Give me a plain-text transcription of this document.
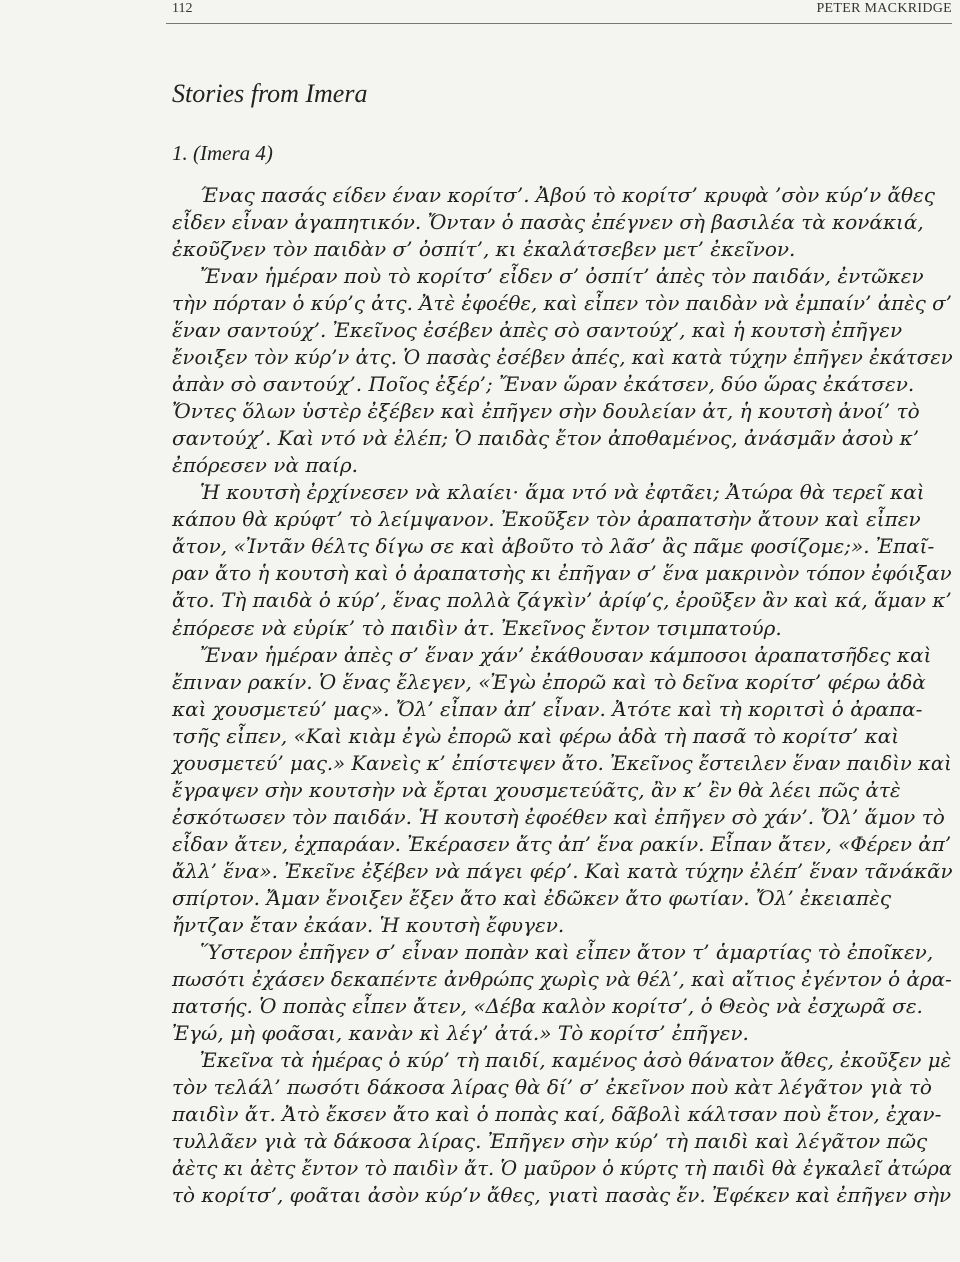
112	PETER MACKRIDGE
Stories from Imera
1. (Imera 4)
Ένας πασάς είδεν έναν κορίτσ’. Ἀβού τὸ κορίτσ’ κρυφὰ ’σὸν κύρ’ν ἄθες
εἶδεν εἶναν ἀγαπητικόν. Ὄνταν ὁ πασὰς ἐπέγνεν σὴ βασιλέα τὰ κονάκιά,
ἐκοῦζνεν τὸν παιδὰν σ’ ὀσπίτ’, κι ἐκαλάτσεβεν μετ’ ἐκεῖνον.
Ἔναν ἡμέραν ποὺ τὸ κορίτσ’ εἶδεν σ’ ὀσπίτ’ ἀπὲς τὸν παιδάν, ἐντῶκεν
τὴν πόρταν ὁ κύρ’ς ἀτς. Ἀτὲ ἐφοέθε, καὶ εἶπεν τὸν παιδὰν νὰ ἐμπαίν’ ἀπὲς σ’
ἕναν σαντούχ’. Ἐκεῖνος ἐσέβεν ἀπὲς σὸ σαντούχ’, καὶ ἡ κουτσὴ ἐπῆγεν
ἔνοιξεν τὸν κύρ’ν ἀτς. Ὁ πασὰς ἐσέβεν ἀπές, καὶ κατὰ τύχην ἐπῆγεν ἐκάτσεν
ἀπὰν σὸ σαντούχ’. Ποῖος ἐξέρ’; Ἔναν ὥραν ἐκάτσεν, δύο ὥρας ἐκάτσεν.
Ὄντες ὅλων ὑστὲρ ἐξέβεν καὶ ἐπῆγεν σὴν δουλείαν ἀτ, ἡ κουτσὴ ἀνοί’ τὸ
σαντούχ’. Καὶ ντό νὰ ἐλέπ; Ὁ παιδὰς ἔτον ἀποθαμένος, ἀνάσμᾶν ἀσοὺ κ’
ἐπόρεσεν νὰ παίρ.
Ἡ κουτσὴ ἐρχίνεσεν νὰ κλαίει· ἅμα ντό νὰ ἐφτᾶει; Ἀτώρα θὰ τερεῖ καὶ
κάπου θὰ κρύφτ’ τὸ λείμψανον. Ἐκοῦξεν τὸν ἀραπατσὴν ἄτουν καὶ εἶπεν
ἄτον, «Ἰντᾶν θέλτς δίγω σε καὶ ἀβοῦτο τὸ λᾶσ’ ἂς πᾶμε φοσίζομε;». Ἐπαῖ-
ραν ἄτο ἡ κουτσὴ καὶ ὁ ἀραπατσὴς κι ἐπῆγαν σ’ ἕνα μακρινὸν τόπον ἐφόιξαν
ἄτο. Τὴ παιδὰ ὁ κύρ’, ἕνας πολλὰ ζάγκὶν’ ἀρίφ’ς, ἐροῦξεν ἂν καὶ κά, ἅμαν κ’
ἐπόρεσε νὰ εὑρίκ’ τὸ παιδὶν ἀτ. Ἐκεῖνος ἔντον τσιμπατούρ.
Ἔναν ἡμέραν ἀπὲς σ’ ἕναν χάν’ ἐκάθουσαν κάμποσοι ἀραπατσῆδες καὶ
ἔπιναν ρακίν. Ὁ ἕνας ἔλεγεν, «Ἐγὼ ἐπορῶ καὶ τὸ δεῖνα κορίτσ’ φέρω ἀδὰ
καὶ χουσμετεύ’ μας». Ὄλ’ εἶπαν ἀπ’ εἶναν. Ἀτότε καὶ τὴ κοριτσὶ ὁ ἀραπα-
τσῆς εἶπεν, «Καὶ κιὰμ ἐγὼ ἐπορῶ καὶ φέρω ἀδὰ τὴ πασᾶ τὸ κορίτσ’ καὶ
χουσμετεύ’ μας.» Κανεὶς κ’ ἐπίστεψεν ἄτο. Ἐκεῖνος ἔστειλεν ἕναν παιδὶν καὶ
ἔγραψεν σὴν κουτσὴν νὰ ἔρται χουσμετεύᾶτς, ἂν κ’ ἒν θὰ λέει πῶς ἀτὲ
ἐσκότωσεν τὸν παιδάν. Ἡ κουτσὴ ἐφοέθεν καὶ ἐπῆγεν σὸ χάν’. Ὄλ’ ἅμον τὸ
εἶδαν ἄτεν, ἐχπαράαν. Ἐκέρασεν ἄτς ἀπ’ ἕνα ρακίν. Εἶπαν ἄτεν, «Φέρεν ἀπ’
ἄλλ’ ἕνα». Ἐκεῖνε ἐξέβεν νὰ πάγει φέρ’. Καὶ κατὰ τύχην ἐλέπ’ ἕναν τᾶνάκᾶν
σπίρτον. Ἄμαν ἔνοιξεν ἔξεν ἄτο καὶ ἐδῶκεν ἄτο φωτίαν. Ὄλ’ ἐκειαπὲς
ἤντζαν ἔταν ἐκάαν. Ἡ κουτσὴ ἔφυγεν.
Ὕστερον ἐπῆγεν σ’ εἶναν ποπὰν καὶ εἶπεν ἄτον τ’ ἁμαρτίας τὸ ἐποῖκεν,
πωσότι ἐχάσεν δεκαπέντε ἀνθρώπς χωρὶς νὰ θέλ’, καὶ αἴτιος ἐγέντον ὁ ἀρα-
πατσής. Ὁ ποπὰς εἶπεν ἄτεν, «Δέβα καλὸν κορίτσ’, ὁ Θεὸς νὰ ἐσχωρᾶ σε.
Ἐγώ, μὴ φοᾶσαι, κανὰν κὶ λέγ’ ἀτά.» Τὸ κορίτσ’ ἐπῆγεν.
Ἐκεῖνα τὰ ἡμέρας ὁ κύρ’ τὴ παιδί, καμένος ἀσὸ θάνατον ἄθες, ἐκοῦξεν μὲ
τὸν τελάλ’ πωσότι δάκοσα λίρας θὰ δί’ σ’ ἐκεῖνον ποὺ κὰτ λέγᾶτον γιὰ τὸ
παιδὶν ἄτ. Ἀτὸ ἔκσεν ἄτο καὶ ὁ ποπὰς καί, δᾶβολὶ κάλτσαν ποὺ ἔτον, ἐχαν-
τυλλᾶεν γιὰ τὰ δάκοσα λίρας. Ἐπῆγεν σὴν κύρ’ τὴ παιδὶ καὶ λέγᾶτον πῶς
ἀὲτς κι ἀὲτς ἔντον τὸ παιδὶν ἄτ. Ὁ μαῦρον ὁ κύρτς τὴ παιδὶ θὰ ἐγκαλεῖ ἀτώρα
τὸ κορίτσ’, φοᾶται ἀσὸν κύρ’ν ἄθες, γιατὶ πασὰς ἔν. Ἐφέκεν καὶ ἐπῆγεν σὴν
